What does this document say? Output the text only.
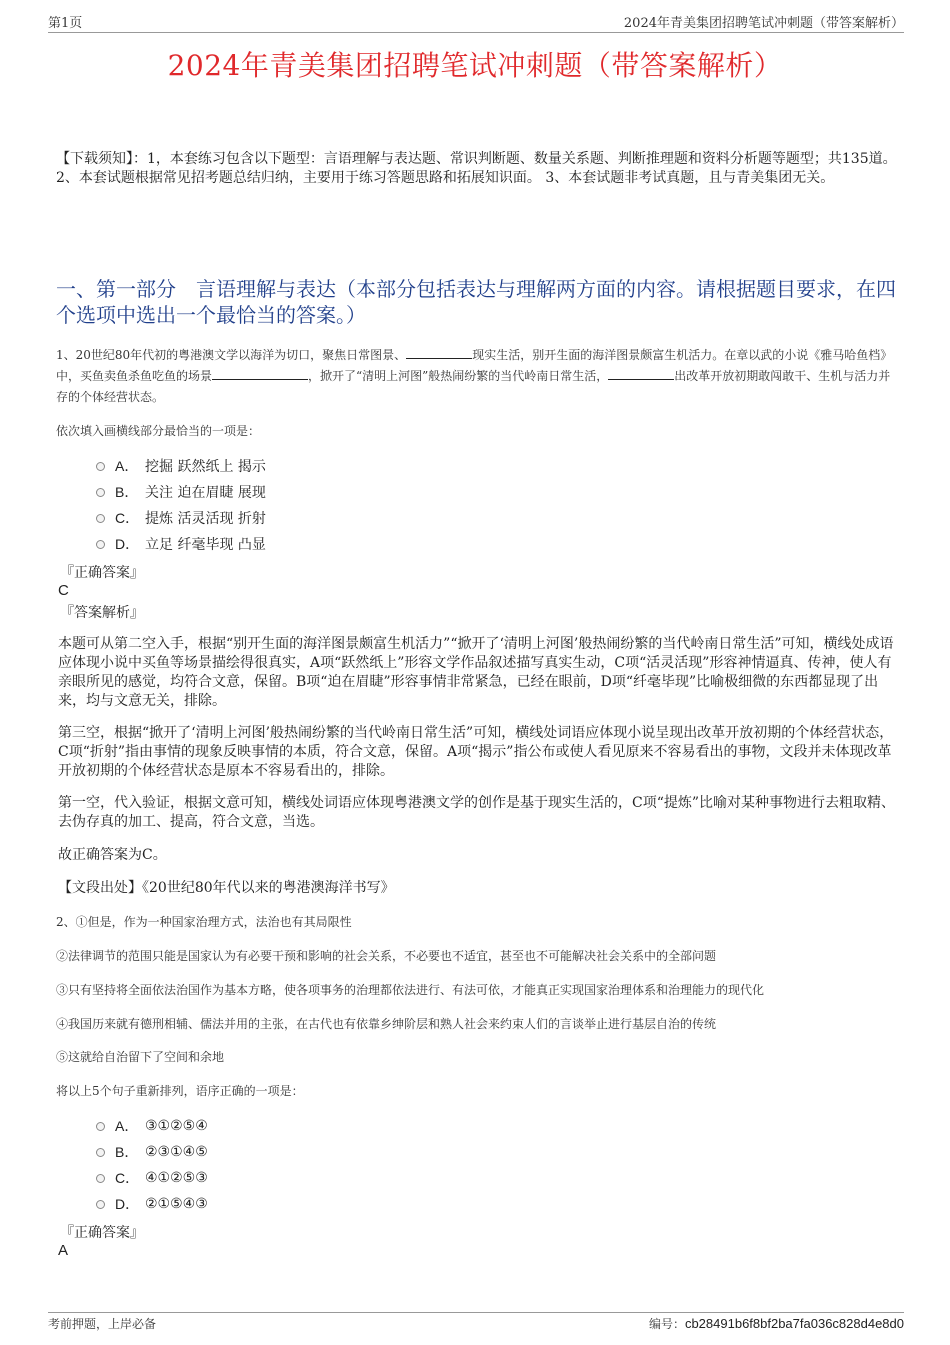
第1页	2024年青美集团招聘笔试冲刺题（带答案解析）
2024年青美集团招聘笔试冲刺题（带答案解析）
【下载须知】：1，本套练习包含以下题型：言语理解与表达题、常识判断题、数量关系题、判断推理题和资料分析题等题型；共135道。 2、本套试题根据常见招考题总结归纳，主要用于练习答题思路和拓展知识面。 3、本套试题非考试真题，且与青美集团无关。
一、第一部分　言语理解与表达（本部分包括表达与理解两方面的内容。请根据题目要求，在四个选项中选出一个最恰当的答案。）
1、20世纪80年代初的粤港澳文学以海洋为切口，聚焦日常图景、	现实生活，别开生面的海洋图景颇富生机活力。在章以武的小说《雅马哈鱼档》中，买鱼卖鱼杀鱼吃鱼的场景	，掀开了“清明上河图”般热闹纷繁的当代岭南日常生活，	出改革开放初期敢闯敢干、生机与活力并存的个体经营状态。
依次填入画横线部分最恰当的一项是：
A． 挖掘 跃然纸上 揭示
B． 关注 迫在眉睫 展现
C． 提炼 活灵活现 折射
D． 立足 纤毫毕现 凸显
『正确答案』
C
『答案解析』

本题可从第二空入手，根据“别开生面的海洋图景颇富生机活力”“掀开了‘清明上河图’般热闹纷繁的当代岭南日常生活”可知，横线处成语应体现小说中买鱼等场景描绘得很真实，A项“跃然纸上”形容文学作品叙述描写真实生动，C项“活灵活现”形容神情逼真、传神，使人有亲眼所见的感觉，均符合文意，保留。B项“迫在眉睫”形容事情非常紧急，已经在眼前，D项“纤毫毕现”比喻极细微的东西都显现了出来，均与文意无关，排除。

第三空，根据“掀开了‘清明上河图’般热闹纷繁的当代岭南日常生活”可知，横线处词语应体现小说呈现出改革开放初期的个体经营状态，C项“折射”指由事情的现象反映事情的本质，符合文意，保留。A项“揭示”指公布或使人看见原来不容易看出的事物，文段并未体现改革开放初期的个体经营状态是原本不容易看出的，排除。

第一空，代入验证，根据文意可知，横线处词语应体现粤港澳文学的创作是基于现实生活的，C项“提炼”比喻对某种事物进行去粗取精、去伪存真的加工、提高，符合文意，当选。

故正确答案为C。

【文段出处】《20世纪80年代以来的粤港澳海洋书写》

2、①但是，作为一种国家治理方式，法治也有其局限性
②法律调节的范围只能是国家认为有必要干预和影响的社会关系，不必要也不适宜，甚至也不可能解决社会关系中的全部问题
③只有坚持将全面依法治国作为基本方略，使各项事务的治理都依法进行、有法可依，才能真正实现国家治理体系和治理能力的现代化
④我国历来就有德刑相辅、儒法并用的主张，在古代也有依靠乡绅阶层和熟人社会来约束人们的言谈举止进行基层自治的传统
⑤这就给自治留下了空间和余地
将以上5个句子重新排列，语序正确的一项是：
A． ③①②⑤④
B． ②③①④⑤
C． ④①②⑤③
D． ②①⑤④③
『正确答案』
A
考前押题，上岸必备	编号：cb28491b6f8bf2ba7fa036c828d4e8d0
